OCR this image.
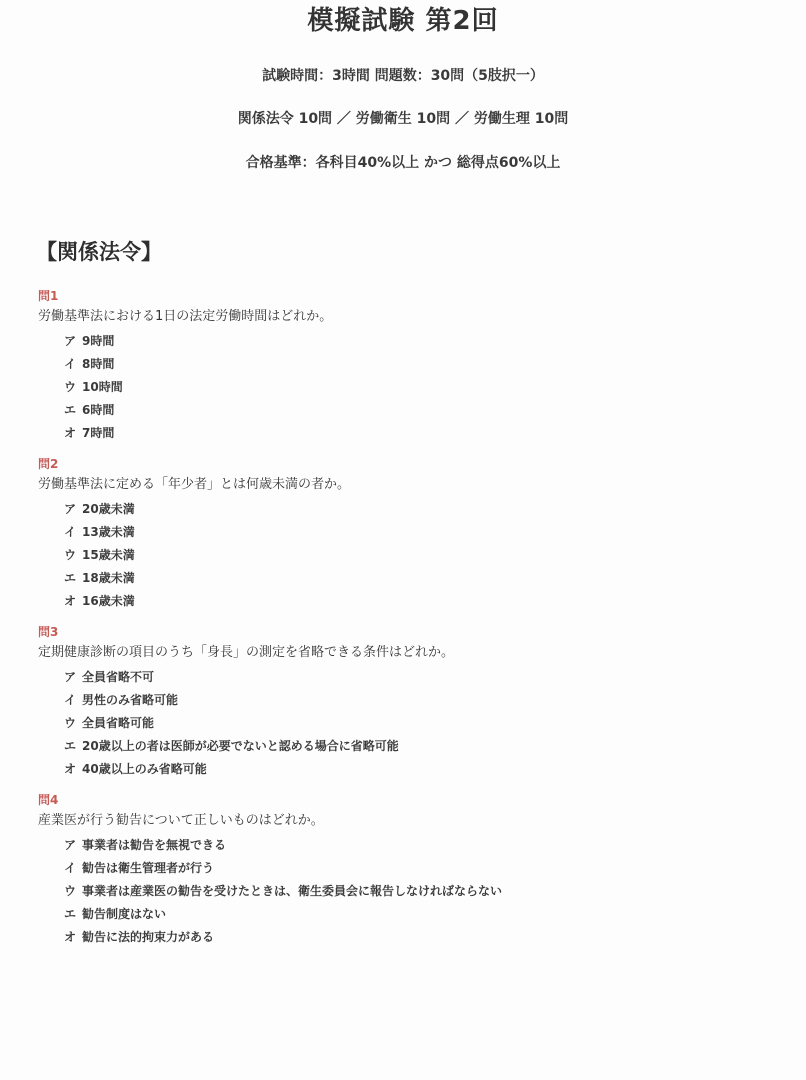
模擬試験 第2回
試験時間：3時間 問題数：30問（5肢択一）
関係法令 10問 ／ 労働衛生 10問 ／ 労働生理 10問
合格基準：各科目40%以上 かつ 総得点60%以上
【関係法令】
問1
労働基準法における1日の法定労働時間はどれか。
ア 9時間
イ 8時間
ウ 10時間
エ 6時間
オ 7時間
問2
労働基準法に定める「年少者」とは何歳未満の者か。
ア 20歳未満
イ 13歳未満
ウ 15歳未満
エ 18歳未満
オ 16歳未満
問3
定期健康診断の項目のうち「身長」の測定を省略できる条件はどれか。
ア 全員省略不可
イ 男性のみ省略可能
ウ 全員省略可能
エ 20歳以上の者は医師が必要でないと認める場合に省略可能
オ 40歳以上のみ省略可能
問4
産業医が行う勧告について正しいものはどれか。
ア 事業者は勧告を無視できる
イ 勧告は衛生管理者が行う
ウ 事業者は産業医の勧告を受けたときは、衛生委員会に報告しなければならない
エ 勧告制度はない
オ 勧告に法的拘束力がある
